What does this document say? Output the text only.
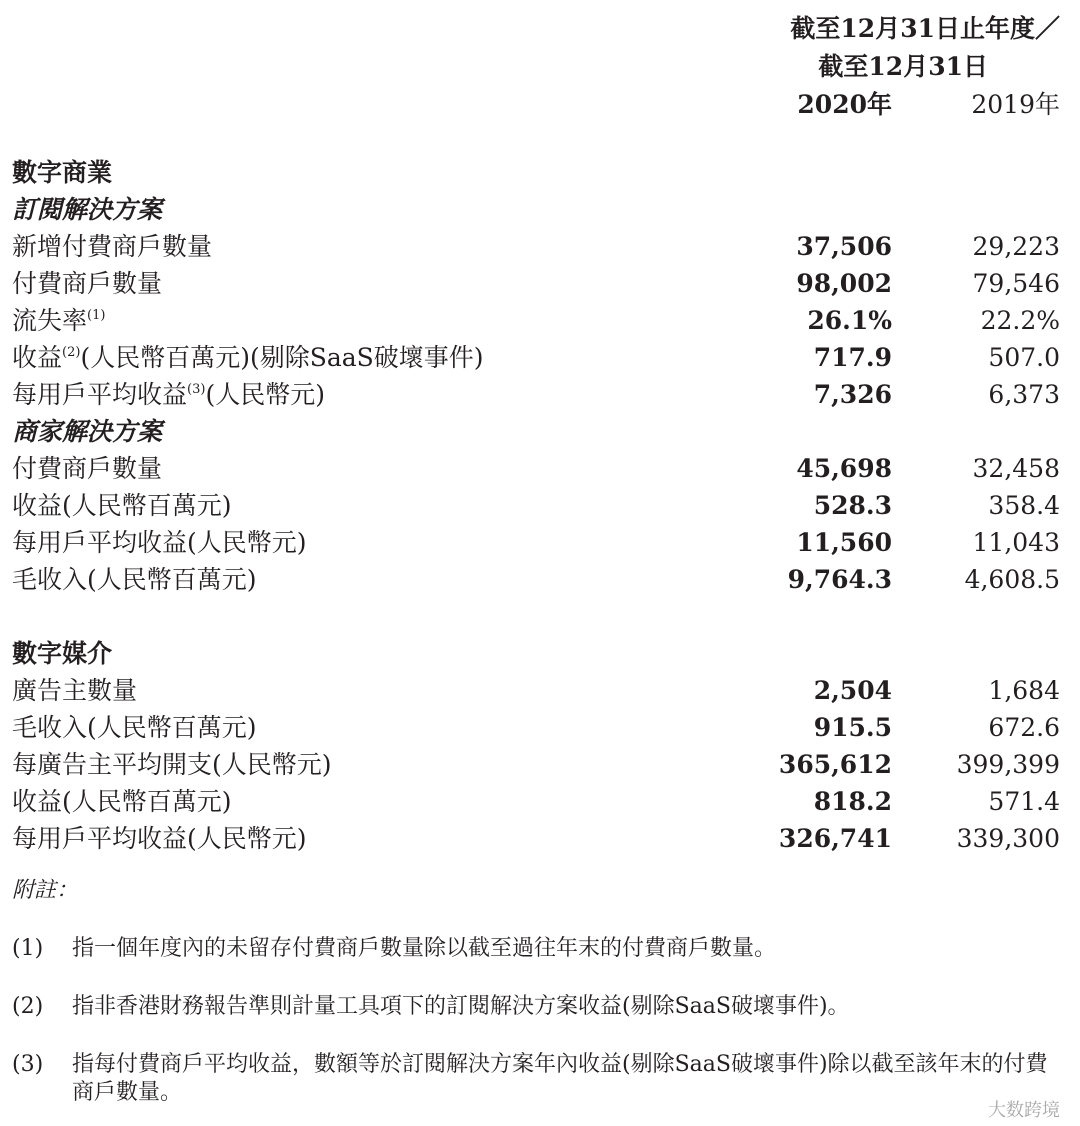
截至12月31日止年度／
截至12月31日
2020年	2019年
數字商業
訂閱解決方案
新增付費商戶數量	37,506	29,223
付費商戶數量	98,002	79,546
流失率$^{(1)}$	26.1%	22.2%
收益$^{(2)}$(人民幣百萬元)(剔除SaaS破壞事件)	717.9	507.0
每用戶平均收益$^{(3)}$(人民幣元)	7,326	6,373
商家解決方案
付費商戶數量	45,698	32,458
收益(人民幣百萬元)	528.3	358.4
每用戶平均收益(人民幣元)	11,560	11,043
毛收入(人民幣百萬元)	9,764.3	4,608.5
數字媒介
廣告主數量	2,504	1,684
毛收入(人民幣百萬元)	915.5	672.6
每廣告主平均開支(人民幣元)	365,612	399,399
收益(人民幣百萬元)	818.2	571.4
每用戶平均收益(人民幣元)	326,741	339,300
附註：
(1)	指一個年度內的未留存付費商戶數量除以截至過往年末的付費商戶數量。
(2)	指非香港財務報告準則計量工具項下的訂閱解決方案收益(剔除SaaS破壞事件)。
(3)	指每付費商戶平均收益，數額等於訂閱解決方案年內收益(剔除SaaS破壞事件)除以截至該年末的付費商戶數量。
大数跨境
